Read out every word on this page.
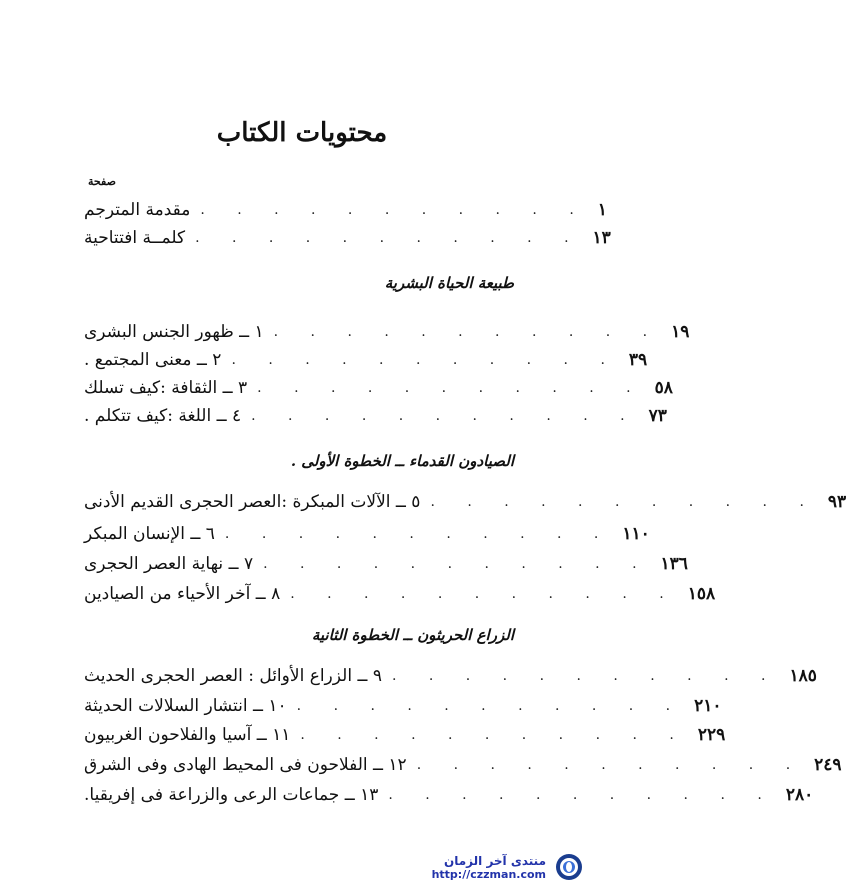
محتويات الكتاب
صفحة
مقدمة المترجم . . . . . . . . . . . ١
كلمــة افتتاحية . . . . . . . . . . . ١٣
طبيعة الحياة البشرية
١ ــ ظهور الجنس البشرى . . . . . . . . . . . ١٩
٢ ــ معنى المجتمع . . . . . . . . . . . . ٣٩
٣ ــ الثقافة :كيف تسلك . . . . . . . . . . . ٥٨
٤ ــ اللغة :كيف تتكلم . . . . . . . . . . . . ٧٣
الصيادون القدماء ــ الخطوة الأولى .
٥ ــ الآلات المبكرة :العصر الحجرى القديم الأدنى . . . . . . . . . . . ٩٣
٦ ــ الإنسان المبكر . . . . . . . . . . . ١١٠
٧ ــ نهاية العصر الحجرى . . . . . . . . . . . ١٣٦
٨ ــ آخر الأحياء من الصيادين . . . . . . . . . . . ١٥٨
الزراع الحريثون ــ الخطوة الثانية
٩ ــ الزراع الأوائل : العصر الحجرى الحديث . . . . . . . . . . . ١٨٥
١٠ ــ انتشار السلالات الحديثة . . . . . . . . . . . ٢١٠
١١ ــ آسيا والفلاحون الغربيون . . . . . . . . . . . ٢٢٩
١٢ ــ الفلاحون فى المحيط الهادى وفى الشرق . . . . . . . . . . . ٢٤٩
١٣ ــ جماعات الرعى والزراعة فى إفريقيا. . . . . . . . . . . . ٢٨٠
منتدى آخر الزمان
http://czzman.com
